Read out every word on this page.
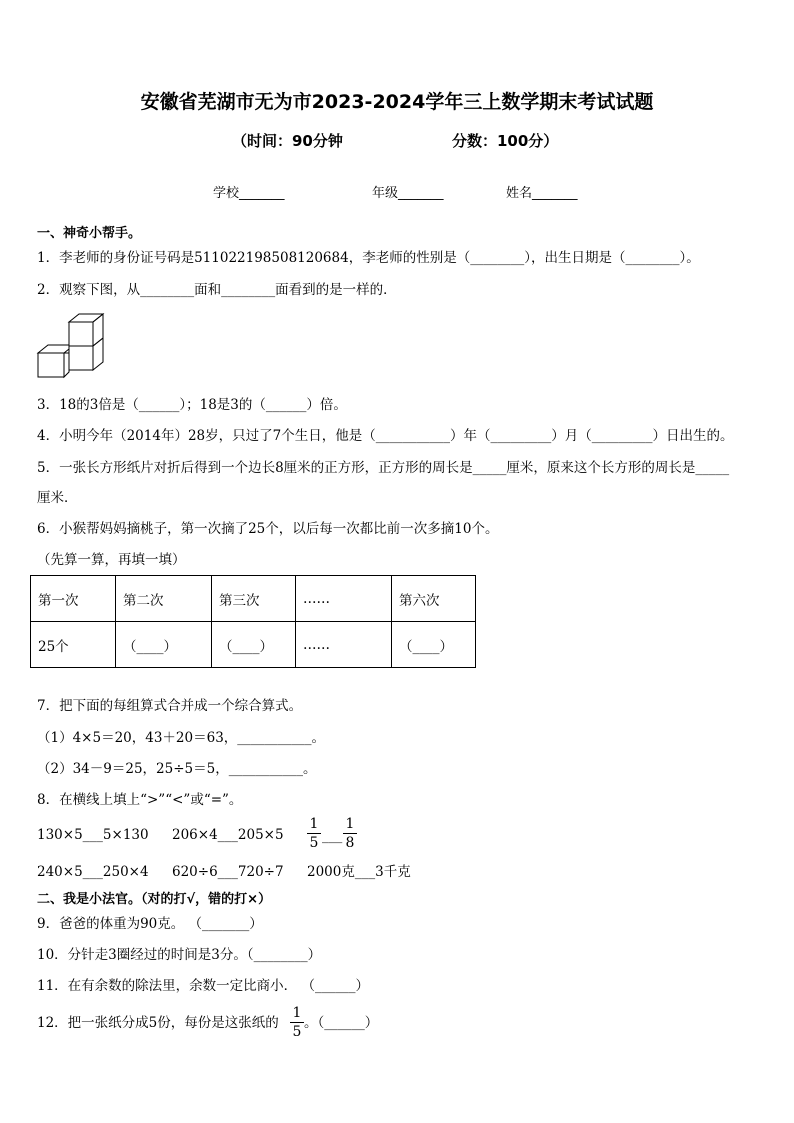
安徽省芜湖市无为市2023-2024学年三上数学期末考试试题
（时间：90分钟	分数：100分）
学校_______	年级_______	姓名_______
一、神奇小帮手。
1．李老师的身份证号码是511022198508120684，李老师的性别是（________），出生日期是（________）。
2．观察下图，从________面和________面看到的是一样的．
3．18的3倍是（______）；18是3的（______）倍。
4．小明今年（2014年）28岁，只过了7个生日，他是（___________）年（_________）月（_________）日出生的。
5．一张长方形纸片对折后得到一个边长8厘米的正方形，正方形的周长是_____厘米，原来这个长方形的周长是_____
厘米．
6．小猴帮妈妈摘桃子，第一次摘了25个，以后每一次都比前一次多摘10个。
（先算一算，再填一填）
第一次	第二次	第三次	……	第六次
25个	（____）	（____）	……	（____）
7．把下面的每组算式合并成一个综合算式。
（1）4×5＝20，43＋20＝63，___________。
（2）34－9＝25，25÷5＝5，___________。
8．在横线上填上“>”“<”或“=”。
130×5___5×130 206×4___205×5
1
5 ___
1
8
240×5___250×4 620÷6___720÷7 2000克___3千克
二、我是小法官。（对的打√，错的打×）
9．爸爸的体重为90克。 （_______）
10．分针走3圈经过的时间是3分。（________）
11．在有余数的除法里，余数一定比商小． （______）
12．把一张纸分成5份，每份是这张纸的
1
5
。（______）
